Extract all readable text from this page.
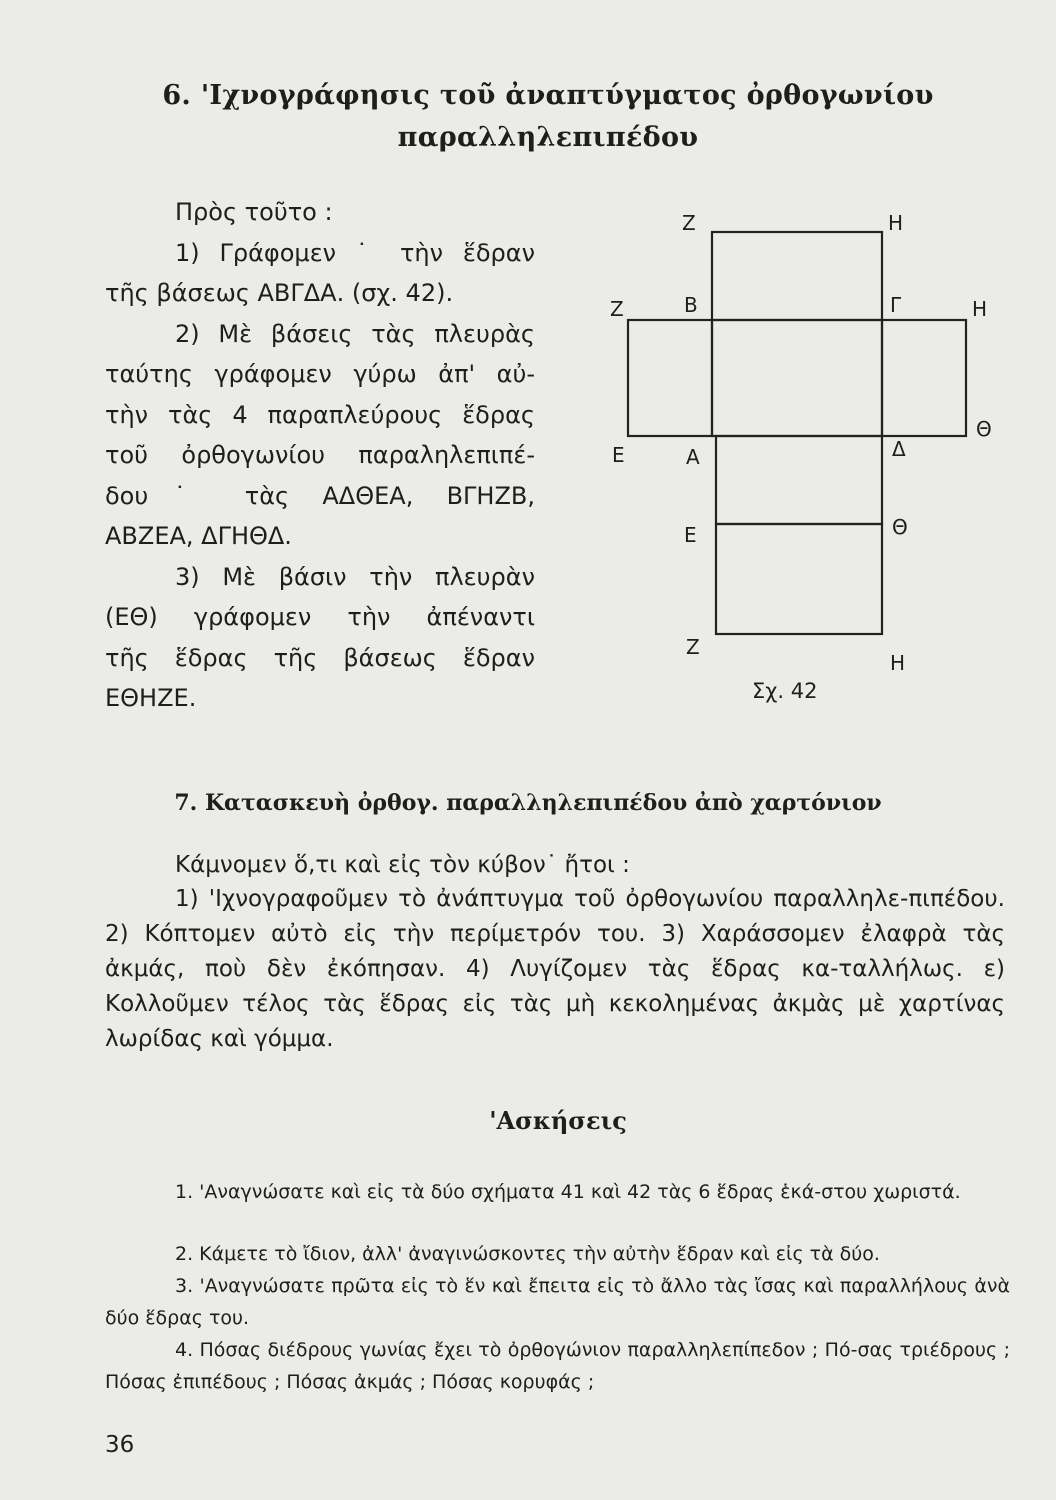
6. 'Ιχνογράφησις τοῦ ἀναπτύγματος ὀρθογωνίου
παραλληλεπιπέδου

Πρὸς τοῦτο :

1) Γράφομεν ˙ τὴν ἕδραν

τῆς βάσεως ΑΒΓΔΑ. (σχ. 42).

2) Μὲ βάσεις τὰς πλευρὰς

ταύτης γράφομεν γύρω ἀπ' αὐ-

τὴν τὰς 4 παραπλεύρους ἕδρας

τοῦ ὀρθογωνίου παραληλεπιπέ-

δου˙ τὰς ΑΔΘΕΑ, ΒΓΗΖΒ,

ΑΒΖΕΑ, ΔΓΗΘΔ.

3) Μὲ βάσιν τὴν πλευρὰν

(ΕΘ) γράφομεν τὴν ἀπέναντι

τῆς ἕδρας τῆς βάσεως ἕδραν

ΕΘΗΖΕ.

Ζ	Η
Ζ	Β	Γ	Η
Θ
Ε	Α	Δ
Ε	Θ
Ζ
Η
Σχ. 42
7. Κατασκευὴ ὀρθογ. παραλληλεπιπέδου ἀπὸ χαρτόνιον

Κάμνομεν ὅ,τι καὶ εἰς τὸν κύβον˙ ἤτοι :

1) 'Ιχνογραφοῦμεν τὸ ἀνάπτυγμα τοῦ ὀρθογωνίου παραλληλε-πιπέδου. 2) Κόπτομεν αὐτὸ εἰς τὴν περίμετρόν του. 3) Χαράσσομεν ἐλαφρὰ τὰς ἀκμάς, ποὺ δὲν ἐκόπησαν. 4) Λυγίζομεν τὰς ἕδρας κα-ταλλήλως. ε) Κολλοῦμεν τέλος τὰς ἕδρας εἰς τὰς μὴ κεκολημένας ἀκμὰς μὲ χαρτίνας λωρίδας καὶ γόμμα.

'Ασκήσεις

1. 'Αναγνώσατε καὶ εἰς τὰ δύο σχήματα 41 καὶ 42 τὰς 6 ἕδρας ἑκά-στου χωριστά.

2. Κάμετε τὸ ἴδιον, ἀλλ' ἀναγινώσκοντες τὴν αὐτὴν ἕδραν καὶ εἰς τὰ δύο.

3. 'Αναγνώσατε πρῶτα εἰς τὸ ἕν καὶ ἔπειτα εἰς τὸ ἄλλο τὰς ἴσας καὶ παραλλήλους ἀνὰ δύο ἕδρας του.

4. Πόσας διέδρους γωνίας ἔχει τὸ ὀρθογώνιον παραλληλεπίπεδον ; Πό-σας τριέδρους ; Πόσας ἐπιπέδους ; Πόσας ἀκμάς ; Πόσας κορυφάς ;

36
